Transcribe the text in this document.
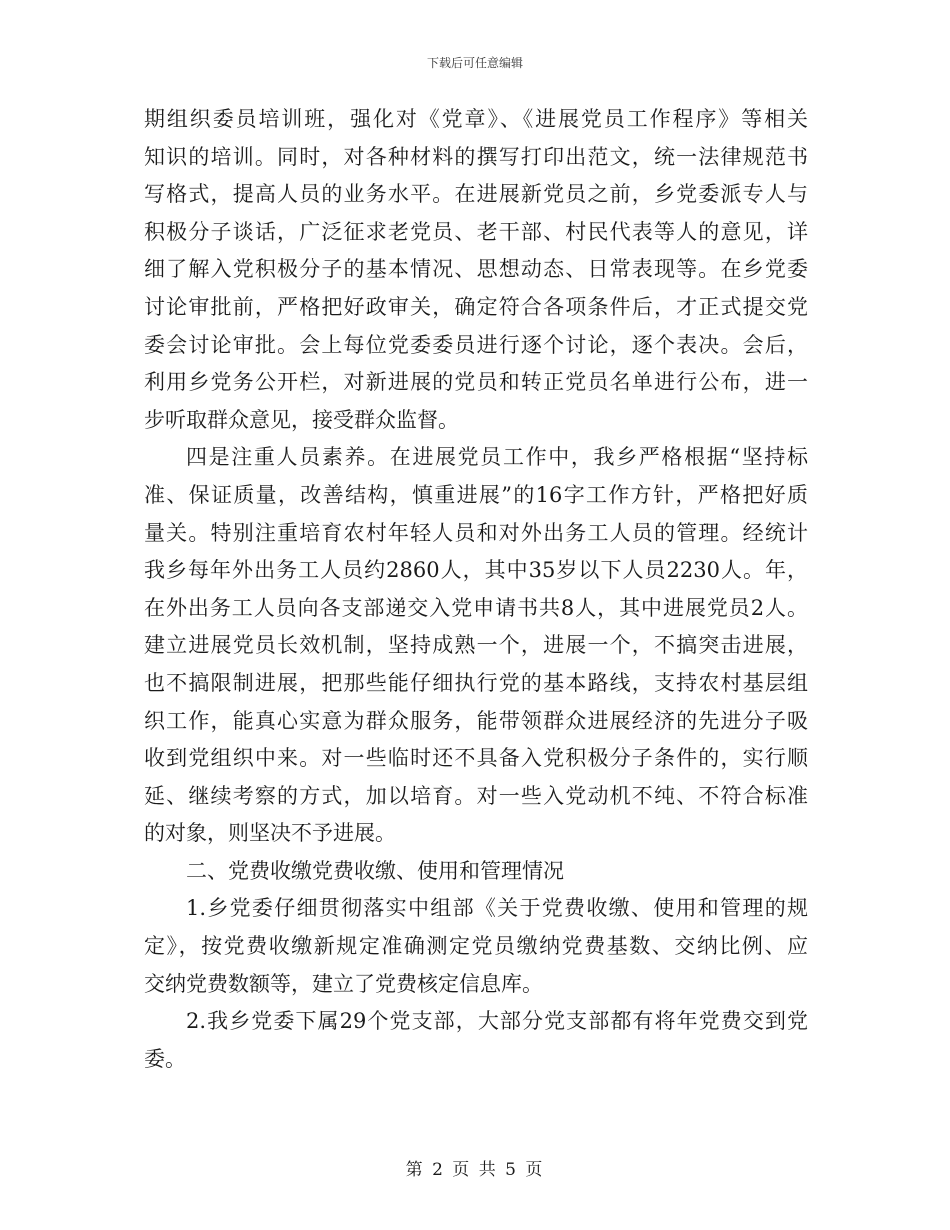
下载后可任意编辑
期组织委员培训班，强化对《党章》、《进展党员工作程序》等相关
知识的培训。同时，对各种材料的撰写打印出范文，统一法律规范书
写格式，提高人员的业务水平。在进展新党员之前，乡党委派专人与
积极分子谈话，广泛征求老党员、老干部、村民代表等人的意见，详
细了解入党积极分子的基本情况、思想动态、日常表现等。在乡党委
讨论审批前，严格把好政审关，确定符合各项条件后，才正式提交党
委会讨论审批。会上每位党委委员进行逐个讨论，逐个表决。会后，
利用乡党务公开栏，对新进展的党员和转正党员名单进行公布，进一
步听取群众意见，接受群众监督。
四是注重人员素养。在进展党员工作中，我乡严格根据“坚持标
准、保证质量，改善结构，慎重进展”的16字工作方针，严格把好质
量关。特别注重培育农村年轻人员和对外出务工人员的管理。经统计
我乡每年外出务工人员约2860人，其中35岁以下人员2230人。年，
在外出务工人员向各支部递交入党申请书共8人，其中进展党员2人。
建立进展党员长效机制，坚持成熟一个，进展一个，不搞突击进展，
也不搞限制进展，把那些能仔细执行党的基本路线，支持农村基层组
织工作，能真心实意为群众服务，能带领群众进展经济的先进分子吸
收到党组织中来。对一些临时还不具备入党积极分子条件的，实行顺
延、继续考察的方式，加以培育。对一些入党动机不纯、不符合标准
的对象，则坚决不予进展。
二、党费收缴党费收缴、使用和管理情况
1.乡党委仔细贯彻落实中组部《关于党费收缴、使用和管理的规
定》，按党费收缴新规定准确测定党员缴纳党费基数、交纳比例、应
交纳党费数额等，建立了党费核定信息库。
2.我乡党委下属29个党支部，大部分党支部都有将年党费交到党
委。
第 2 页 共 5 页
